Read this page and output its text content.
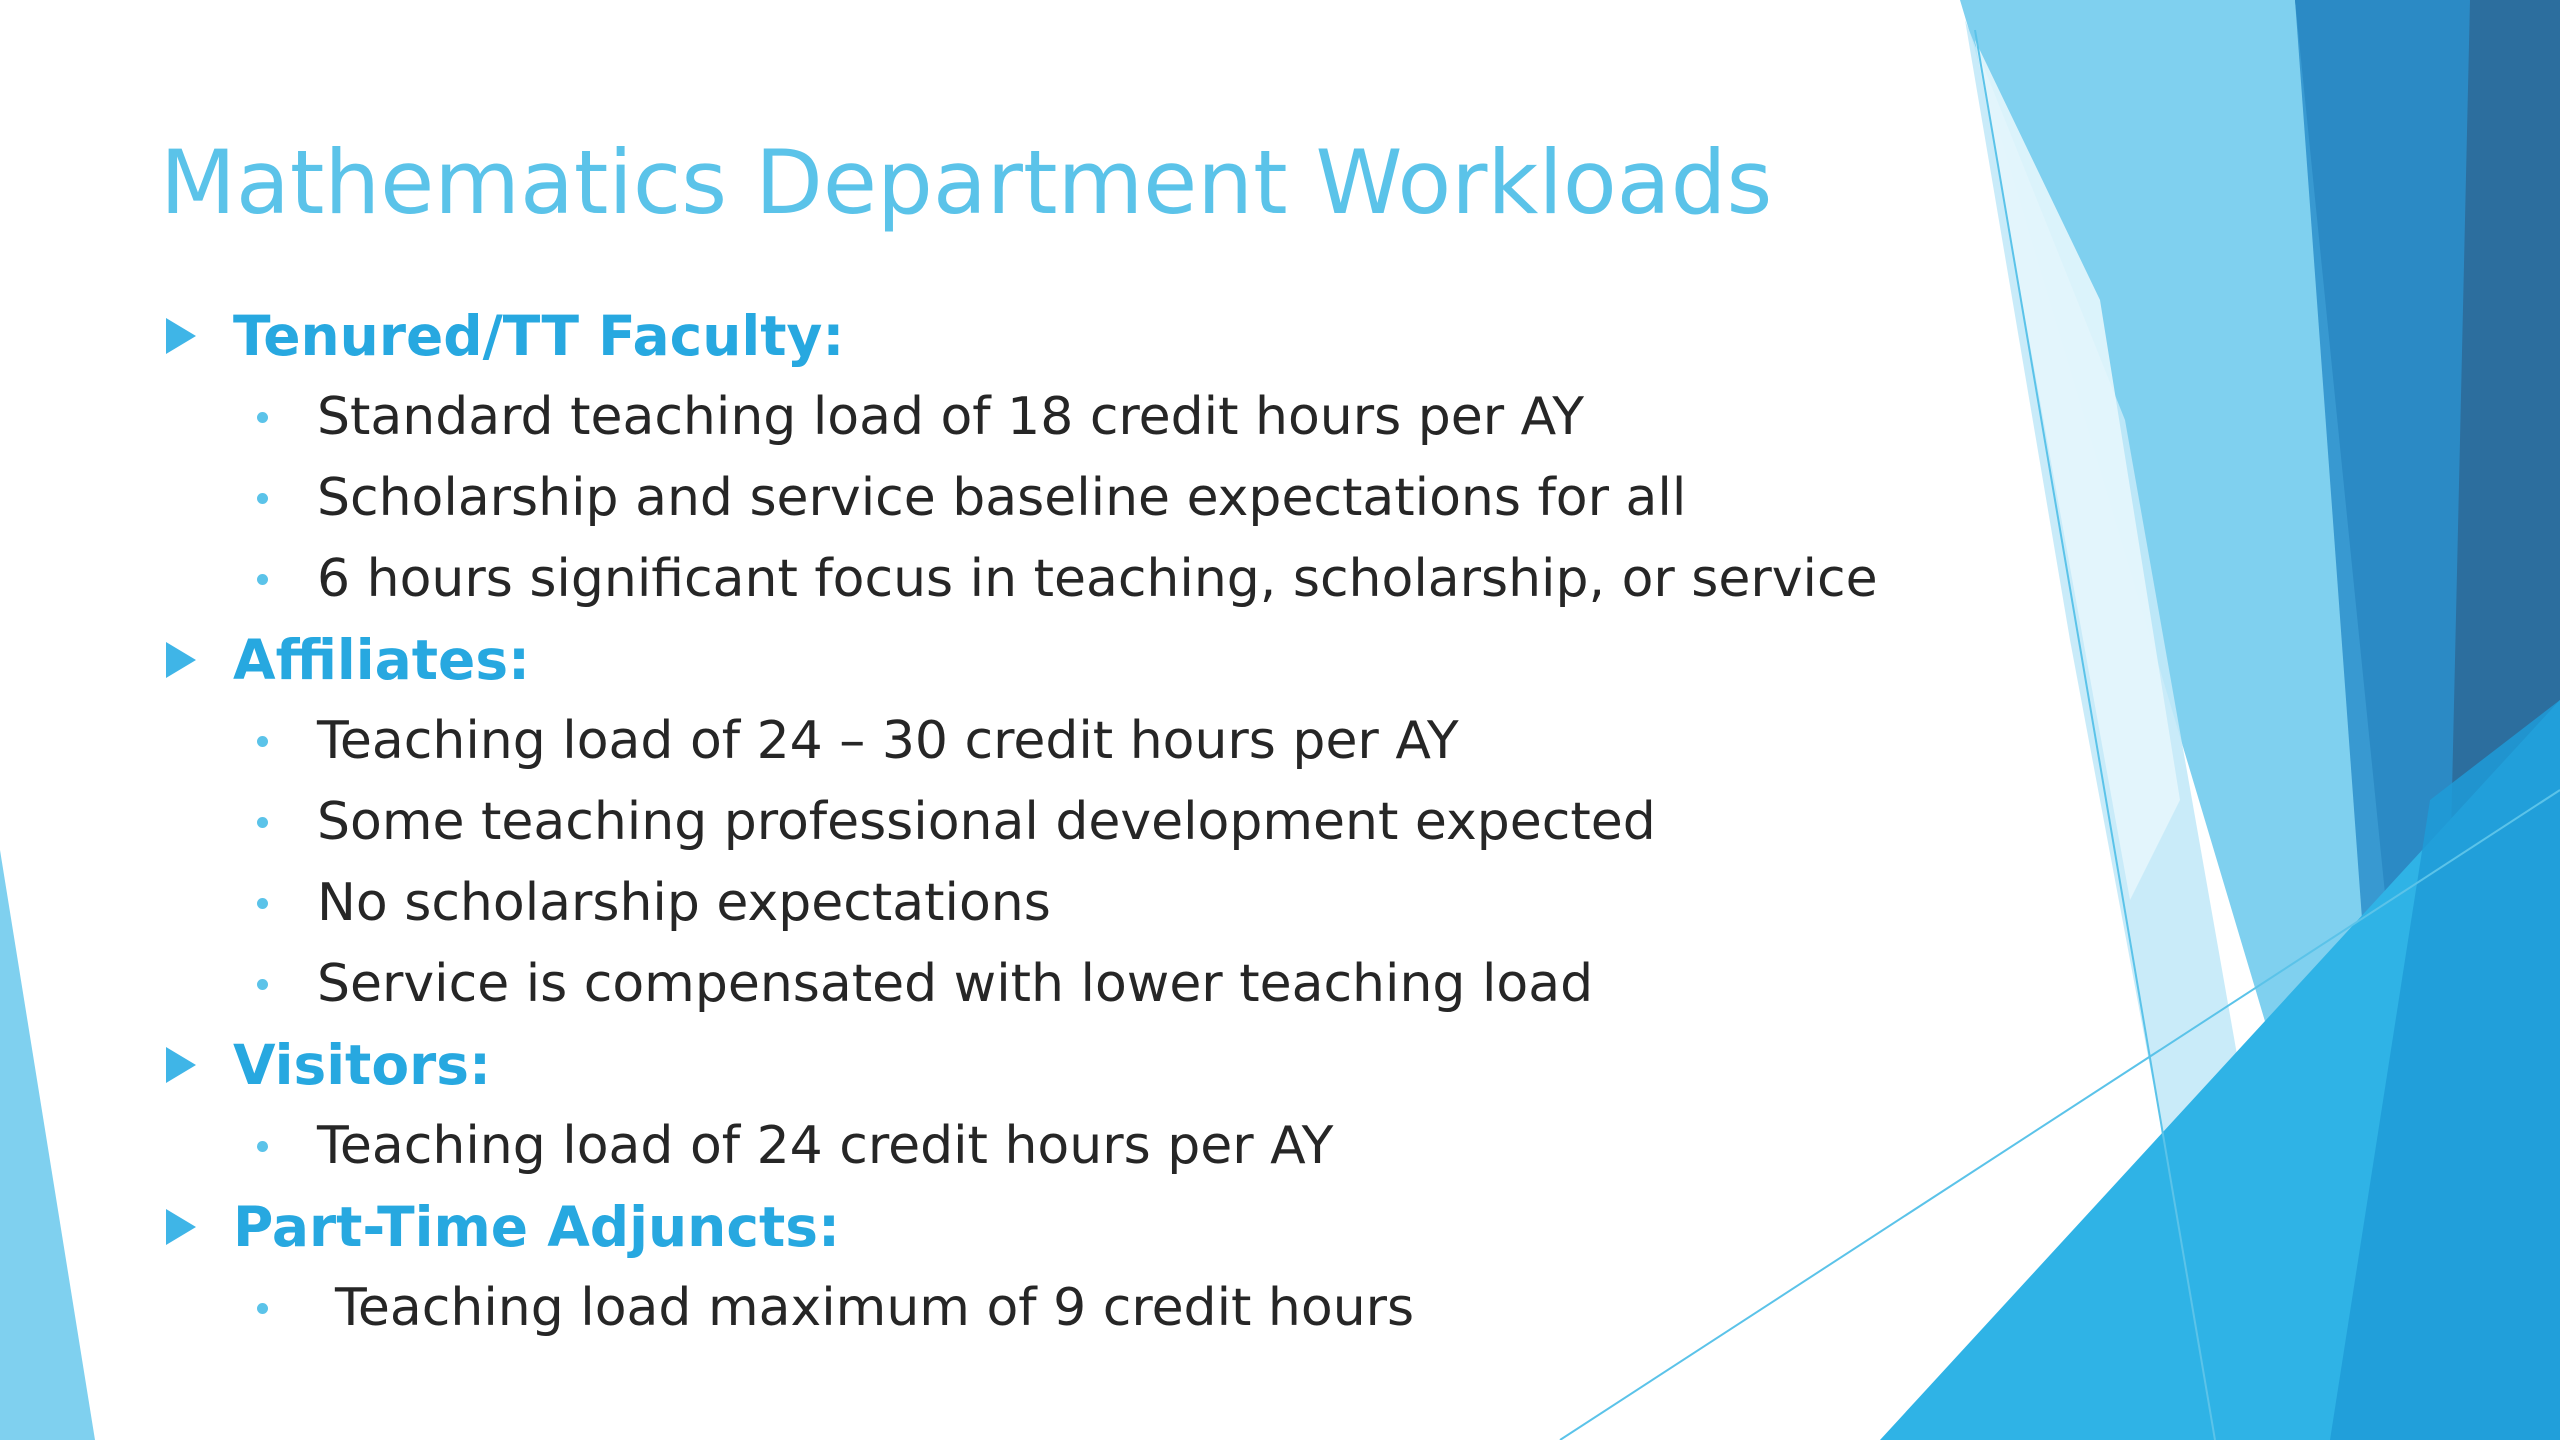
Mathematics Department Workloads
Tenured/TT Faculty:
Standard teaching load of 18 credit hours per AY
Scholarship and service baseline expectations for all
6 hours significant focus in teaching, scholarship, or service
Affiliates:
Teaching load of 24 – 30 credit hours per AY
Some teaching professional development expected
No scholarship expectations
Service is compensated with lower teaching load
Visitors:
Teaching load of 24 credit hours per AY
Part-Time Adjuncts:
Teaching load maximum of 9 credit hours
